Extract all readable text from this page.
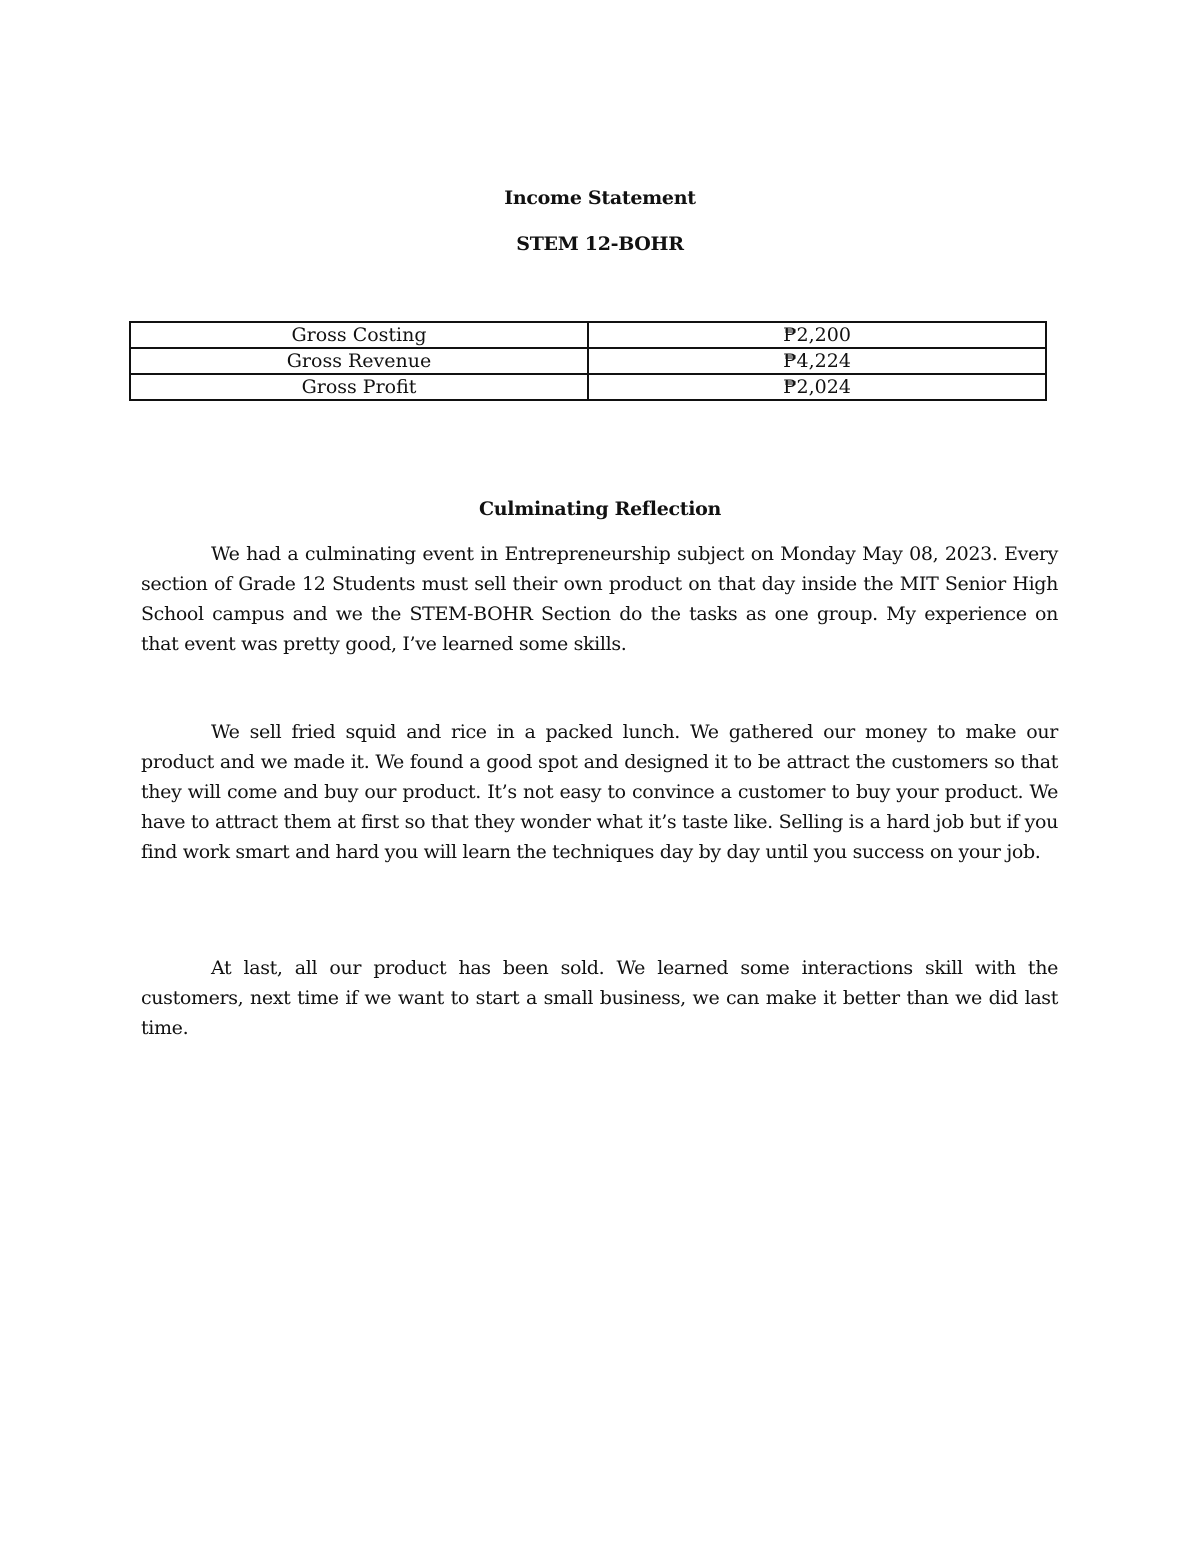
Income Statement
STEM 12-BOHR
Gross Costing	₱2,200
Gross Revenue	₱4,224
Gross Profit	₱2,024
Culminating Reflection

We had a culminating event in Entrepreneurship subject on Monday May 08, 2023. Every section of Grade 12 Students must sell their own product on that day inside the MIT Senior High School campus and we the STEM-BOHR Section do the tasks as one group. My experience on that event was pretty good, I’ve learned some skills.

We sell fried squid and rice in a packed lunch. We gathered our money to make our product and we made it. We found a good spot and designed it to be attract the customers so that they will come and buy our product. It’s not easy to convince a customer to buy your product. We have to attract them at first so that they wonder what it’s taste like. Selling is a hard job but if you find work smart and hard you will learn the techniques day by day until you success on your job.

At last, all our product has been sold. We learned some interactions skill with the customers, next time if we want to start a small business, we can make it better than we did last time.
